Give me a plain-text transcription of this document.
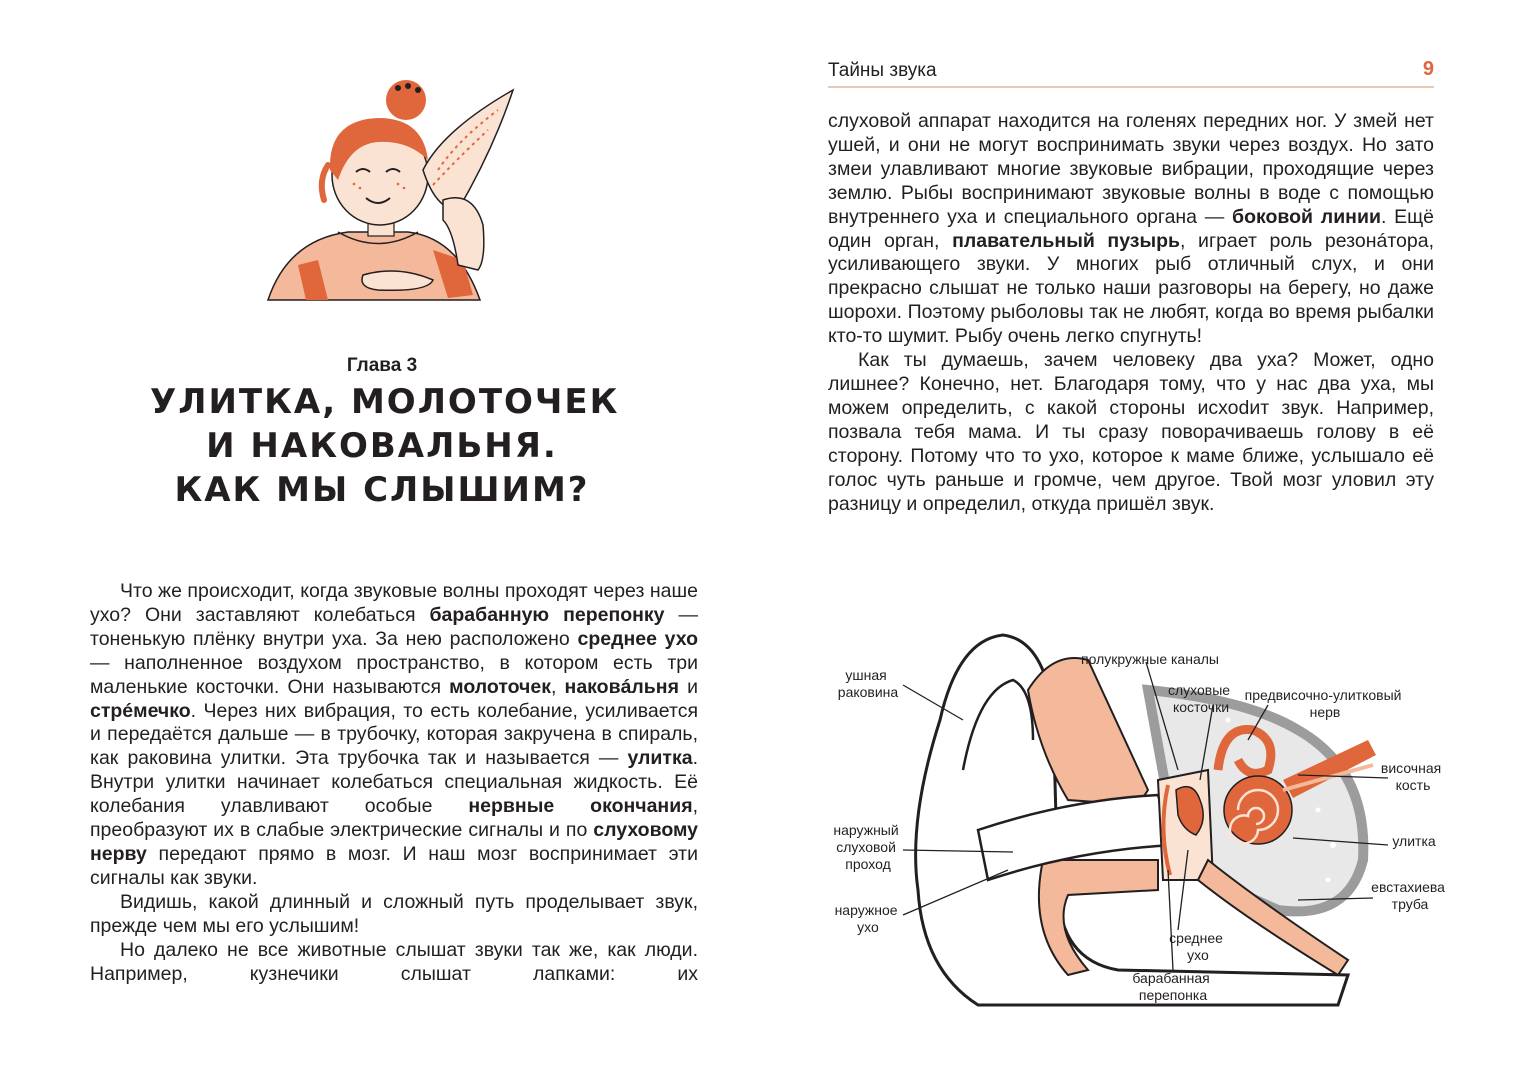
Глава 3
УЛИТКА, МОЛОТОЧЕК
И НАКОВАЛЬНЯ.
КАК МЫ СЛЫШИМ?

Что же происходит, когда звуковые волны проходят через наше ухо? Они заставляют колебаться барабанную перепонку — тоненькую плёнку внутри уха. За нею расположено среднее ухо — наполненное воздухом пространство, в котором есть три маленькие косточки. Они называются молоточек, наковáльня и стрéмечко. Через них вибрация, то есть колебание, усиливается и передаётся дальше — в трубочку, которая закручена в спираль, как раковина улитки. Эта трубочка так и называется — улитка. Внутри улитки начинает колебаться специальная жидкость. Её колебания улавливают особые нервные окончания, преобразуют их в слабые электрические сигналы и по слуховому нерву передают прямо в мозг. И наш мозг воспринимает эти сигналы как звуки.

Видишь, какой длинный и сложный путь проделывает звук, прежде чем мы его услышим!

Но далеко не все животные слышат звуки так же, как люди. Например, кузнечики слышат лапками: их

Тайны звука	9

слуховой аппарат находится на голенях передних ног. У змей нет ушей, и они не могут воспринимать звуки через воздух. Но зато змеи улавливают многие звуковые вибрации, проходящие через землю. Рыбы воспринимают звуковые волны в воде с помощью внутреннего уха и специального органа — боковой линии. Ещё один орган, плавательный пузырь, играет роль резонáтора, усиливающего звуки. У многих рыб отличный слух, и они прекрасно слышат не только наши разговоры на берегу, но даже шорохи. Поэтому рыболовы так не любят, когда во время рыбалки кто-то шумит. Рыбу очень легко спугнуть!

Как ты думаешь, зачем человеку два уха? Может, одно лишнее? Конечно, нет. Благодаря тому, что у нас два уха, мы можем определить, с какой стороны исхоdит звук. Например, позвала тебя мама. И ты сразу поворачиваешь голову в её сторону. Потому что то ухо, которое к маме ближе, услышало её голос чуть раньше и громче, чем другое. Твой мозг уловил эту разницу и определил, откуда пришёл звук.

ушная раковина
полукружные каналы
слуховые косточки
предвисочно-улитковый нерв
височная кость
наружный слуховой проход
улитка
евстахиева труба
наружное ухо
среднее ухо
барабанная перепонка
